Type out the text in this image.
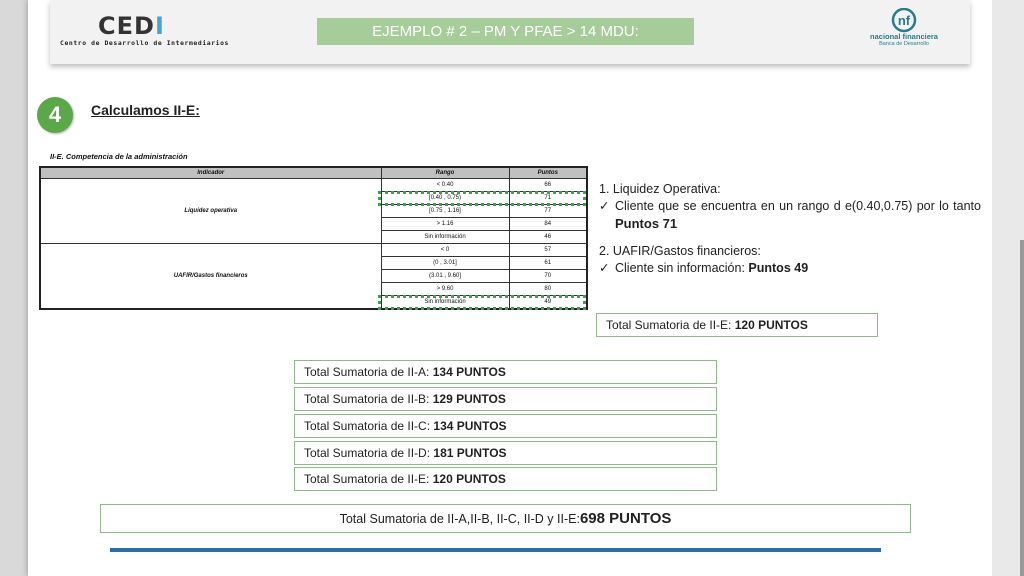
CEDI
Centro de Desarrollo de Intermediarios
EJEMPLO # 2 – PM Y PFAE > 14 MDU:
nf
nacional financiera
Banca de Desarrollo
4	Calculamos II-E:
II-E. Competencia de la administración
Indicador	Rango	Puntos
Liquidez operativa	< 0.40	66
	[0.40 , 0.75)	71
	[0.75 , 1.16]	77
	> 1.16	84
	Sin información	46
UAFIR/Gastos financieros	< 0	57
	(0 , 3.01]	61
	(3.01 , 9.60]	70
	> 9.60	80
	Sin información	49

1. Liquidez Operativa:

✓ Cliente que se encuentra en un rango d e(0.40,0.75) por lo tanto Puntos 71

2. UAFIR/Gastos financieros:

✓ Cliente sin información: Puntos 49

Total Sumatoria de II-E:
120 PUNTOS
Total Sumatoria de II-A:
134 PUNTOS
Total Sumatoria de II-B:
129 PUNTOS
Total Sumatoria de II-C:
134 PUNTOS
Total Sumatoria de II-D:
181 PUNTOS
Total Sumatoria de II-E:
120 PUNTOS
Total Sumatoria de II-A,II-B, II-C, II-D y II-E: 698 PUNTOS
